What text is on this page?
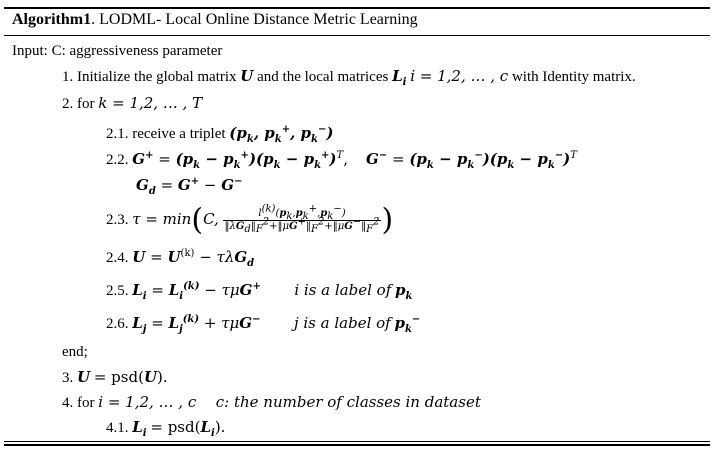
Algorithm1. LODML- Local Online Distance Metric Learning
Input: C: aggressiveness parameter
1. Initialize the global matrix U and the local matrices $L_i$ i = 1,2, … , c with Identity matrix.
2. for k = 1,2, … , T
2.1. receive a triplet ($p_k$, $p_k^+$, $p_k^-$)
2.2. $G^+ = (p_k - p_k^+)(p_k - p_k^+)^T$,    $G^- = (p_k - p_k^-)(p_k - p_k^-)^T$
$G_d = G^+ - G^-$
2.3. τ = min(C, $\frac{l^{(k)}(p_k,p_k^+,p_k^-)}{‖\lambda G_d‖_F^2+‖\mu G^+‖_F^2+‖\mu G^-‖_F^2}$ )
2.4. $U = U^{(k)} - \tau\lambda G_d$
2.5. $L_i = L_i^{(k)} - \tau\mu G^+$ i is a label of $p_k$
2.6. $L_j = L_j^{(k)} + \tau\mu G^-$ j is a label of $p_k^-$
end;
3. U = psd(U).
4. for i = 1,2, … , c c: the number of classes in dataset
4.1. $L_i = psd(L_i)$.
